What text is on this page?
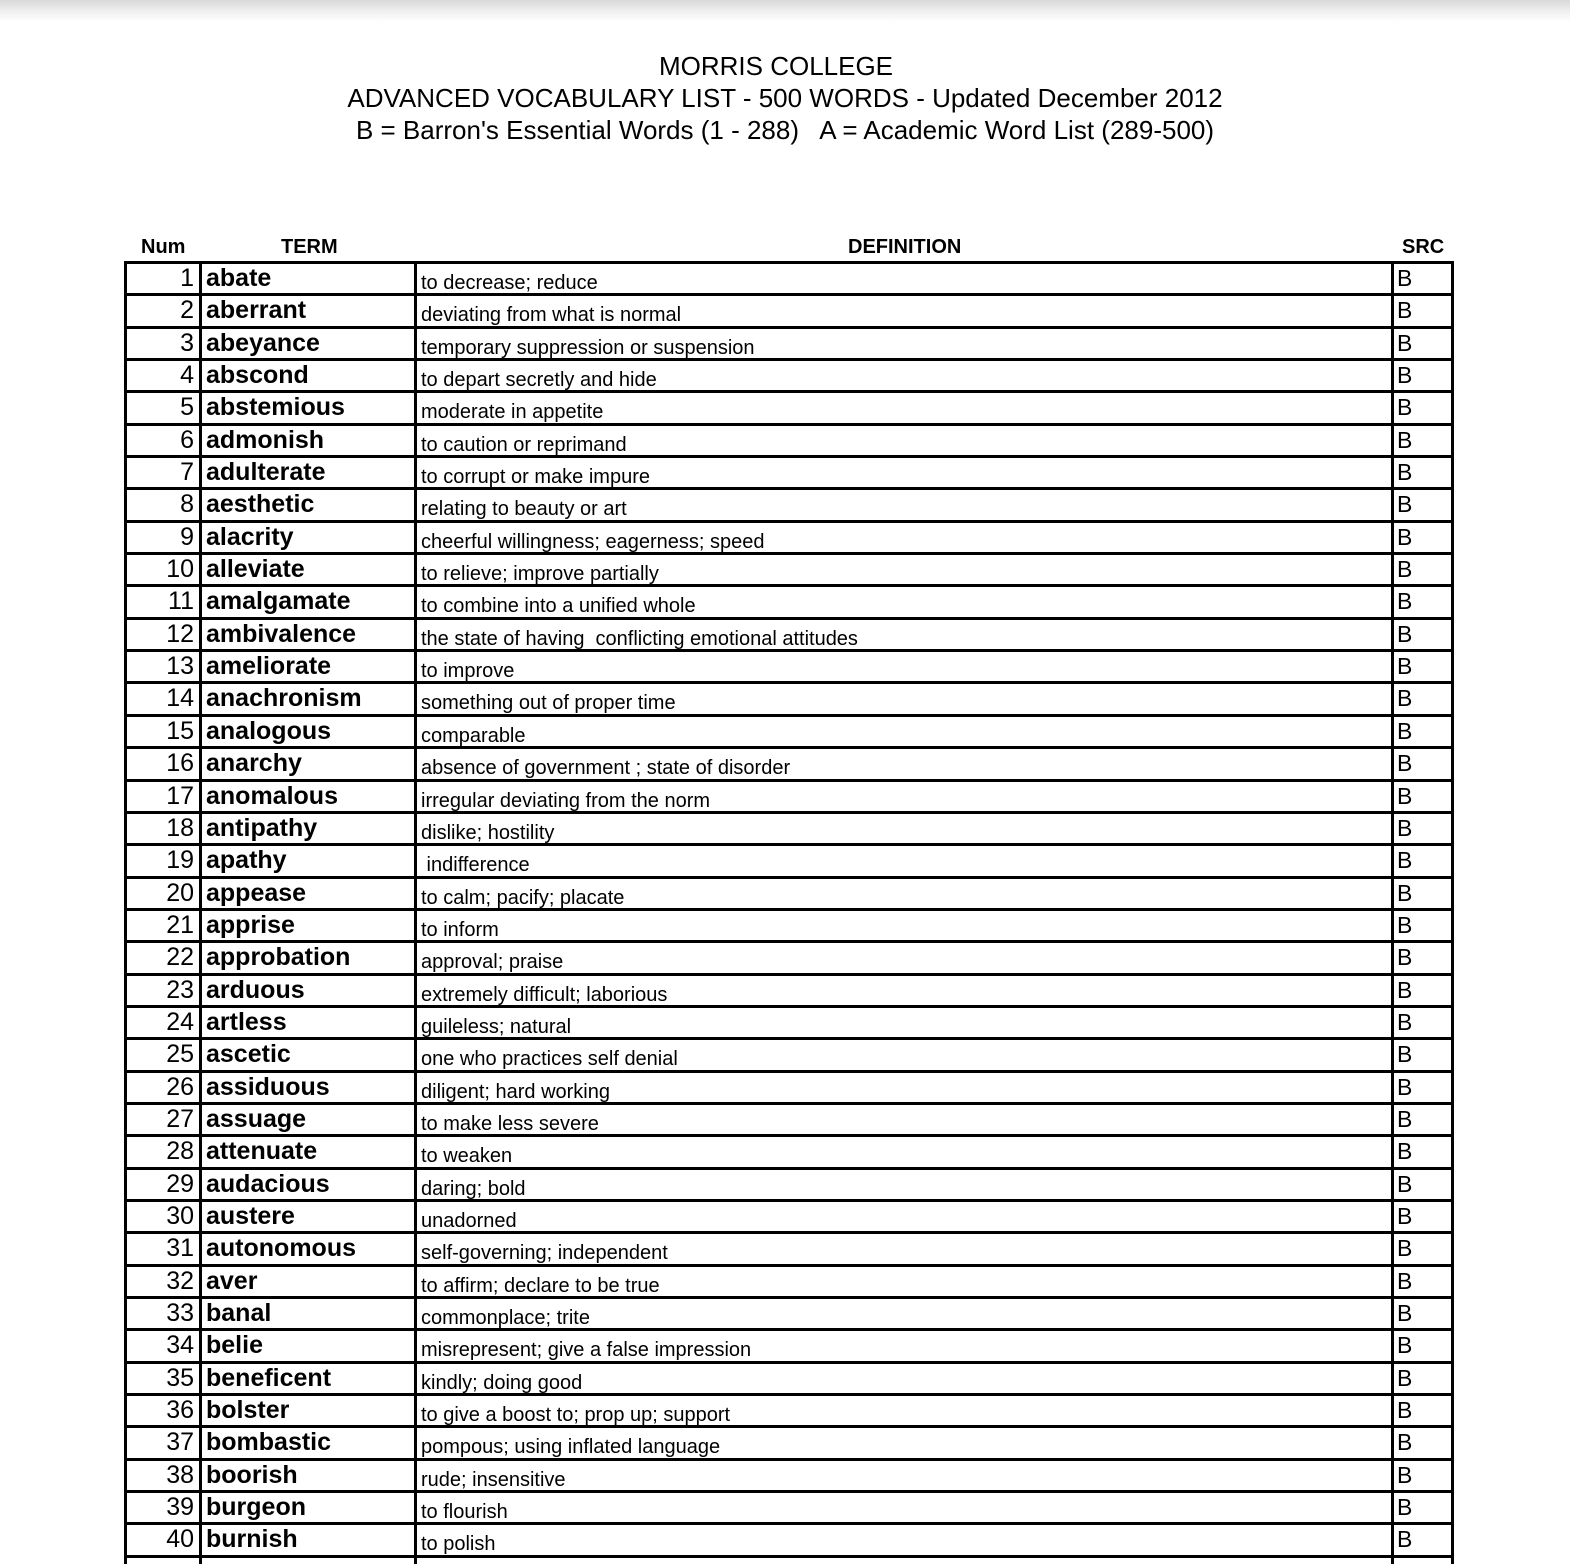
MORRIS COLLEGE
ADVANCED VOCABULARY LIST - 500 WORDS - Updated December 2012
B = Barron's Essential Words (1 - 288)   A = Academic Word List (289-500)
Num	TERM	DEFINITION	SRC
1 abate	to decrease; reduce	B
2 aberrant	deviating from what is normal	B
3 abeyance	temporary suppression or suspension	B
4 abscond	to depart secretly and hide	B
5 abstemious	moderate in appetite	B
6 admonish	to caution or reprimand	B
7 adulterate	to corrupt or make impure	B
8 aesthetic	relating to beauty or art	B
9 alacrity	cheerful willingness; eagerness; speed	B
10 alleviate	to relieve; improve partially	B
11 amalgamate	to combine into a unified whole	B
12 ambivalence	the state of having  conflicting emotional attitudes	B
13 ameliorate	to improve	B
14 anachronism	something out of proper time	B
15 analogous	comparable	B
16 anarchy	absence of government ; state of disorder	B
17 anomalous	irregular deviating from the norm	B
18 antipathy	dislike; hostility	B
19 apathy	indifference	B
20 appease	to calm; pacify; placate	B
21 apprise	to inform	B
22 approbation	approval; praise	B
23 arduous	extremely difficult; laborious	B
24 artless	guileless; natural	B
25 ascetic	one who practices self denial	B
26 assiduous	diligent; hard working	B
27 assuage	to make less severe	B
28 attenuate	to weaken	B
29 audacious	daring; bold	B
30 austere	unadorned	B
31 autonomous	self-governing; independent	B
32 aver	to affirm; declare to be true	B
33 banal	commonplace; trite	B
34 belie	misrepresent; give a false impression	B
35 beneficent	kindly; doing good	B
36 bolster	to give a boost to; prop up; support	B
37 bombastic	pompous; using inflated language	B
38 boorish	rude; insensitive	B
39 burgeon	to flourish	B
40 burnish	to polish	B
